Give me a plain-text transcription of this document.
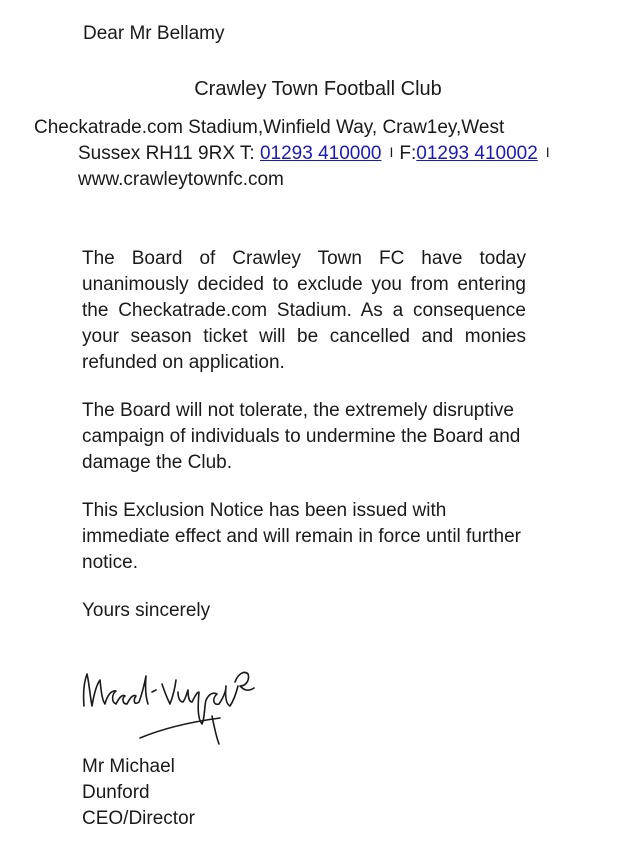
Dear Mr Bellamy
Crawley Town Football Club
Checkatrade.com Stadium,Winfield Way, Craw1ey,West
Sussex RH11 9RX T: 01293 410000 I F:01293 410002 I
www.crawleytownfc.com

The Board of Crawley Town FC have today unanimously decided to exclude you from entering the Checkatrade.com Stadium. As a consequence your season ticket will be cancelled and monies refunded on application.

The Board will not tolerate, the extremely disruptive campaign of individuals to undermine the Board and damage the Club.

This Exclusion Notice has been issued with immediate effect and will remain in force until further notice.

Yours sincerely
Mr Michael
Dunford
CEO/Director
